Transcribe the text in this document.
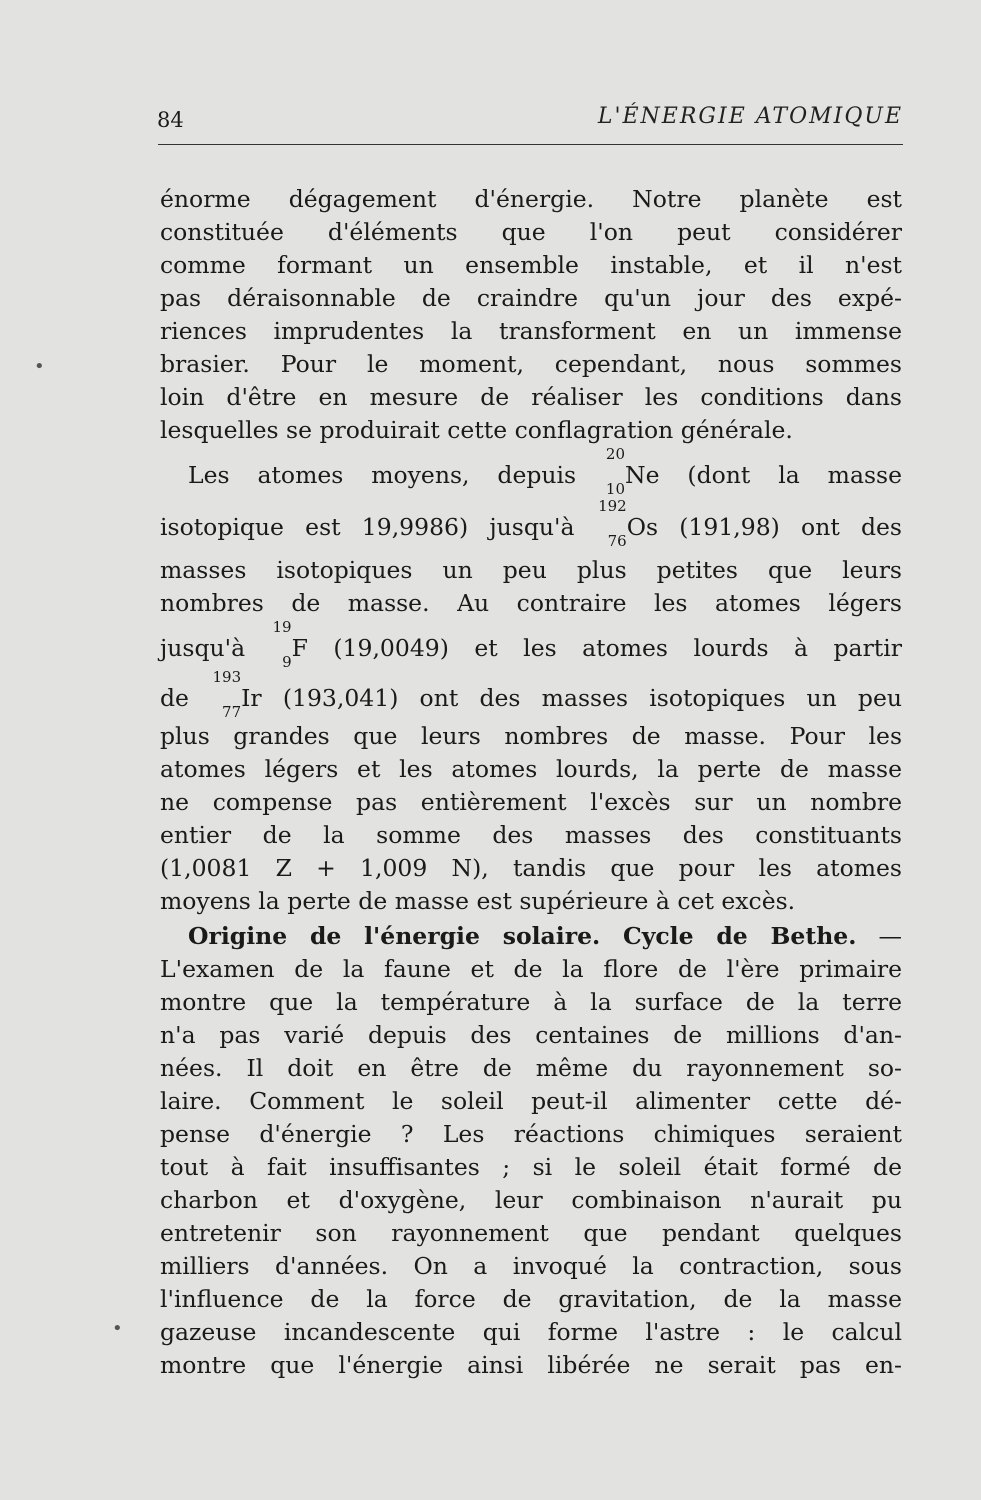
84	L'ÉNERGIE ATOMIQUE
•
•
énorme dégagement d'énergie. Notre planète est
constituée d'éléments que l'on peut considérer
comme formant un ensemble instable, et il n'est
pas déraisonnable de craindre qu'un jour des expé-
riences imprudentes la transforment en un immense
brasier. Pour le moment, cependant, nous sommes
loin d'être en mesure de réaliser les conditions dans
lesquelles se produirait cette conflagration générale.
Les atomes moyens, depuis
20
10 Ne (dont la masse
isotopique est 19,9986) jusqu'à
192
76 Os (191,98) ont des
masses isotopiques un peu plus petites que leurs
nombres de masse. Au contraire les atomes légers
jusqu'à
19
9 F (19,0049) et les atomes lourds à partir
de
193
77 Ir (193,041) ont des masses isotopiques un peu
plus grandes que leurs nombres de masse. Pour les
atomes légers et les atomes lourds, la perte de masse
ne compense pas entièrement l'excès sur un nombre
entier de la somme des masses des constituants
(1,0081 Z + 1,009 N), tandis que pour les atomes
moyens la perte de masse est supérieure à cet excès.
Origine de l'énergie solaire. Cycle de Bethe. —
L'examen de la faune et de la flore de l'ère primaire
montre que la température à la surface de la terre
n'a pas varié depuis des centaines de millions d'an-
nées. Il doit en être de même du rayonnement so-
laire. Comment le soleil peut-il alimenter cette dé-
pense d'énergie ? Les réactions chimiques seraient
tout à fait insuffisantes ; si le soleil était formé de
charbon et d'oxygène, leur combinaison n'aurait pu
entretenir son rayonnement que pendant quelques
milliers d'années. On a invoqué la contraction, sous
l'influence de la force de gravitation, de la masse
gazeuse incandescente qui forme l'astre : le calcul
montre que l'énergie ainsi libérée ne serait pas en-
